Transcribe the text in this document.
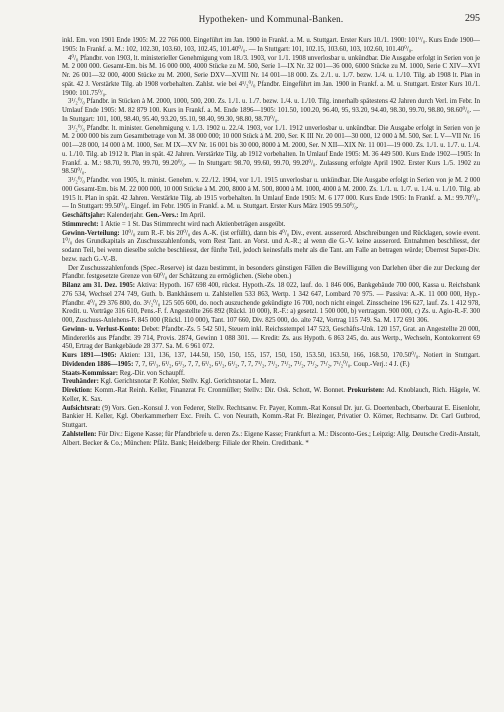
Hypotheken- und Kommunal-Banken.	295

inkl. Em. von 1901 Ende 1905: M. 22 766 000. Eingeführt im Jan. 1900 in Frankf. a. M. u. Stuttgart. Erster Kurs 10./1. 1900: 101⁰/₀. Kurs Ende 1900—1905: In Frankf. a. M.: 102, 102.30, 103.60, 103, 102.45, 101.40⁰/₀. — In Stuttgart: 101, 102.15, 103.60, 103, 102.60, 101.40⁰/₀.

4⁰/₀ Pfandbr. von 1903, lt. ministerieller Genehmigung vom 18./3. 1903, vor 1./1. 1908 unverlosbar u. unkündbar. Die Ausgabe erfolgt in Serien von je M. 2 000 000. Gesamt-Em. bis M. 16 000 000, 4000 Stücke zu M. 500, Serie 1—IX Nr. 32 001—36 000, 6000 Stücke zu M. 1000, Serie C XIV—XVI Nr. 26 001—32 000, 4000 Stücke zu M. 2000, Serie DXV—XVIII Nr. 14 001—18 000. Zs. 2./1. u. 1./7. bezw. 1./4. u. 1./10. Tilg. ab 1908 lt. Plan in spät. 42 J. Verstärkte Tilg. ab 1908 vorbehalten. Zahlst. wie bei 4¹/₂⁰/₀ Pfandbr. Eingeführt im Jan. 1900 in Frankf. a. M. u. Stuttgart. Erster Kurs 10./1. 1900: 101.75⁰/₀.

3¹/₂⁰/₀ Pfandbr. in Stücken à M. 2000, 1000, 500, 200. Zs. 1./1. u. 1./7. bezw. 1./4. u. 1./10. Tilg. innerhalb spätestens 42 Jahren durch Verl. im Febr. In Umlauf Ende 1905: M. 82 879 100. Kurs in Frankf. a. M. Ende 1896—1905: 101.50, 100.20, 96.40, 95, 93.20, 94.40, 98.30, 99.70, 98.80, 98.60⁰/₀. — In Stuttgart: 101, 100, 98.40, 95.40, 93.20, 95.10, 98.40, 99.30, 98.80, 98.70⁰/₀.

3¹/₂⁰/₀ Pfandbr. lt. minister. Genehmigung v. 1./3. 1902 u. 22./4. 1903, vor 1./1. 1912 unverlosbar u. unkündbar. Die Ausgabe erfolgt in Serien von je M. 2 000 000 bis zum Gesamtbetrage von M. 38 000 000; 10 000 Stück à M. 200, Ser. K III Nr. 20 001—30 000, 12 000 à M. 500, Ser. L V—VII Nr. 16 001—28 000, 14 000 à M. 1000, Ser. M IX—XV Nr. 16 001 bis 30 000, 8000 à M. 2000, Ser. N XII—XIX Nr. 11 001—19 000. Zs. 1./1. u. 1./7. u. 1./4. u. 1./10. Tilg. ab 1912 lt. Plan in spät. 42 Jahren. Verstärkte Tilg. ab 1912 vorbehalten. In Umlauf Ende 1905: M. 36 449 500. Kurs Ende 1902—1905: In Frankf. a. M.: 98.70, 99.70, 99.70, 99.20⁰/₀. — In Stuttgart: 98.70, 99.60, 99.70, 99.20⁰/₀. Zulassung erfolgte April 1902. Erster Kurs 1./5. 1902 zu 98.50⁰/₀.

3¹/₂⁰/₀ Pfandbr. von 1905, lt. minist. Genehm. v. 22./12. 1904, vor 1./1. 1915 unverlosbar u. unkündbar. Die Ausgabe erfolgt in Serien von je M. 2 000 000 Gesamt-Em. bis M. 22 000 000, 10 000 Stücke à M. 200, 8000 à M. 500, 8000 à M. 1000, 4000 à M. 2000. Zs. 1./1. u. 1./7. u. 1./4. u. 1./10. Tilg. ab 1915 lt. Plan in spät. 42 Jahren. Verstärkte Tilg. ab 1915 vorbehalten. In Umlauf Ende 1905: M. 6 177 000. Kurs Ende 1905: In Frankf. a. M.: 99.70⁰/₀. — In Stuttgart: 99.50⁰/₀. Eingef. im Febr. 1905 in Frankf. a. M. u. Stuttgart. Erster Kurs März 1905 99.50⁰/₀.

Geschäftsjahr: Kalenderjahr. Gen.-Vers.: Im April.

Stimmrecht: 1 Aktie = 1 St. Das Stimmrecht wird nach Aktienbeträgen ausgeübt.

Gewinn-Verteilung: 10⁰/₀ zum R.-F. bis 20⁰/₀ des A.-K. (ist erfüllt), dann bis 4⁰/₀ Div., event. ausserord. Abschreibungen und Rücklagen, sowie event. 1⁰/₀ des Grundkapitals an Zuschusszahlenfonds, vom Rest Tant. an Vorst. und A.-R.; al wenn die G.-V. keine ausserord. Entnahmen beschliesst, der sodann Teil, bei wenn dieselbe solche beschliesst, der fünfte Teil, jedoch keinesfalls mehr als die Tant. am Falle an betragen würde; Überrest Super-Div. bezw. nach G.-V.-B.

Der Zuschusszahlenfonds (Spec.-Reserve) ist dazu bestimmt, in besonders günstigen Fällen die Bewilligung von Darlehen über die zur Deckung der Pfandbr. festgesetzte Grenze von 60⁰/₀ der Schätzung zu ermöglichen. (Siehe oben.)

Bilanz am 31. Dez. 1905: Aktiva: Hypoth. 167 698 400, rückst. Hypoth.-Zs. 18 022, lauf. do. 1 846 006, Bankgebäude 700 000, Kassa u. Reichsbank 276 534, Wechsel 274 749, Guth. b. Bankhäusern u. Zahlstellen 533 863, Wertp. 1 342 647, Lombard 70 975. — Passiva: A.-K. 11 000 000, Hyp.-Pfandbr. 4⁰/₀ 29 376 800, do. 3¹/₂⁰/₀ 125 505 600, do. noch auszuchende gekündigte 16 700, noch nicht eingel. Zinsscheine 196 627, lauf. Zs. 1 412 978, Kredit. u. Vorträge 316 610, Pens.-F. f. Angestellte 266 892 (Rückl. 10 000), R.-F.: a) gesetzl. 1 500 000, b) vertragsm. 900 000, c) Zs. u. Agio-R.-F. 300 000, Zuschuss-Anlehens-F. 845 000 (Rückl. 110 000), Tant. 107 660, Div. 825 000, do. alte 742, Vortrag 115 749. Sa. M. 172 691 306.

Gewinn- u. Verlust-Konto: Debet: Pfandbr.-Zs. 5 542 501, Steuern inkl. Reichsstempel 147 523, Geschäfts-Unk. 120 157, Grat. an Angestellte 20 000, Mindererlös aus Pfandbr. 39 714, Provis. 2874, Gewinn 1 088 301. — Kredit: Zs. aus Hypoth. 6 863 245, do. aus Wertp., Wechseln, Kontokorrent 69 450, Ertrag der Bankgebäude 28 377. Sa. M. 6 961 072.

Kurs 1891—1905: Aktien: 131, 136, 137, 144.50, 150, 150, 155, 157, 150, 150, 153.50, 163.50, 166, 168.50, 170.50⁰/₀. Notiert in Stuttgart. Dividenden 1886—1905: 7, 7, 6²/₃, 6¹/₂, 6²/₃, 7, 7, 6¹/₂, 6¹/₂, 6¹/₂, 7, 7, 7¹/₂, 7¹/₂, 7¹/₂, 7¹/₂, 7¹/₂, 7¹/₂, 7¹/₂⁰/₀. Coup.-Verj.: 4 J. (F.)

Staats-Kommissar: Reg.-Dir. von Schaupff.

Treuhänder: Kgl. Gerichtsnotar P. Kohler, Stellv. Kgl. Gerichtsnotar L. Merz.

Direktion: Komm.-Rat Reinh. Keller, Finanzrat Fr. Cronmüller; Stellv.: Dir. Osk. Schott, W. Bonnet. Prokuristen: Ad. Knoblauch, Rich. Hägele, W. Keller, K. Sax.

Aufsichtsrat: (9) Vors. Gen.-Konsul J. von Federer, Stellv. Rechtsanw. Fr. Payer, Komm.-Rat Konsul Dr. jur. G. Doertenbach, Oberbaurat E. Eisenlohr, Bankier H. Keller, Kgl. Oberkammerherr Exc. Freih. C. von Neurath, Komm.-Rat Fr. Blezinger, Privatier O. Körner, Rechtsanw. Dr. Carl Gutbrod, Stuttgart.

Zahlstellen: Für Div.: Eigene Kasse; für Pfandbriefe u. deren Zs.: Eigene Kasse; Frankfurt a. M.: Disconto-Ges.; Leipzig: Allg. Deutsche Credit-Anstalt, Albert. Becker & Co.; München: Pfälz. Bank; Heidelberg: Filiale der Rhein. Creditbank. *
